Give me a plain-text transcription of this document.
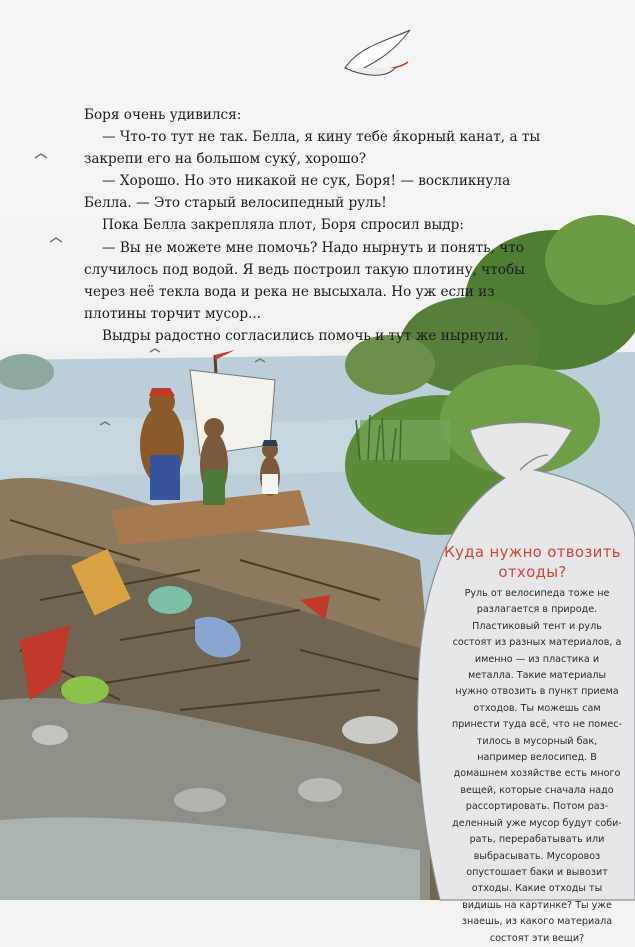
Боря очень удивился:

— Что-то тут не так. Белла, я кину тебе я́корный канат, а ты закрепи его на большом суку́, хорошо?

— Хорошо. Но это никакой не сук, Боря! — воскликнула Белла. — Это старый велосипедный руль!

Пока Белла закрепляла плот, Боря спросил выдр:

— Вы не можете мне помочь? Надо нырнуть и понять, что случилось под водой. Я ведь построил такую плотину, чтобы через неё текла вода и река не высыхала. Но уж если из плотины торчит мусор...

Выдры радостно согласились помочь и тут же нырнули.

Куда нужно отвозить
отходы?
Руль от велосипеда тоже не разлагается в природе. Пластиковый тент и руль состоят из разных материалов, а именно — из пластика и металла. Такие материалы нужно отвозить в пункт приема отходов. Ты можешь сам принести туда всё, что не поместилось в мусорный бак, например велосипед. В домашнем хозяйстве есть много вещей, которые сначала надо рассортировать. Потом разделенный уже мусор будут собирать, перерабатывать или выбрасывать. Мусоровоз опустошает баки и вывозит отходы. Какие отходы ты видишь на картинке? Ты уже знаешь, из какого материала состоят эти вещи?
